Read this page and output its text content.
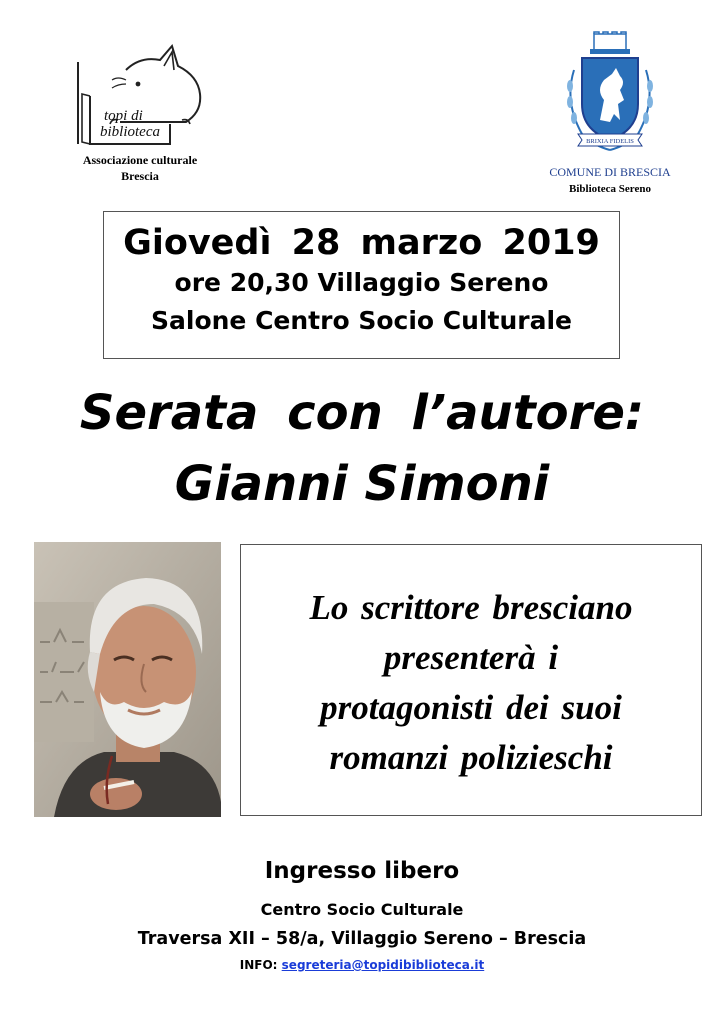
topi di
biblioteca
Associazione culturale
Brescia
BRIXIA FIDELIS
COMUNE DI BRESCIA
Biblioteca Sereno
Giovedì 28 marzo 2019
ore 20,30 Villaggio Sereno
Salone Centro Socio Culturale
Serata con l’autore:
Gianni Simoni
Lo scrittore bresciano
presenterà i
protagonisti dei suoi
romanzi polizieschi
Ingresso libero
Centro Socio Culturale
Traversa XII – 58/a, Villaggio Sereno – Brescia
INFO: segreteria@topidibiblioteca.it
